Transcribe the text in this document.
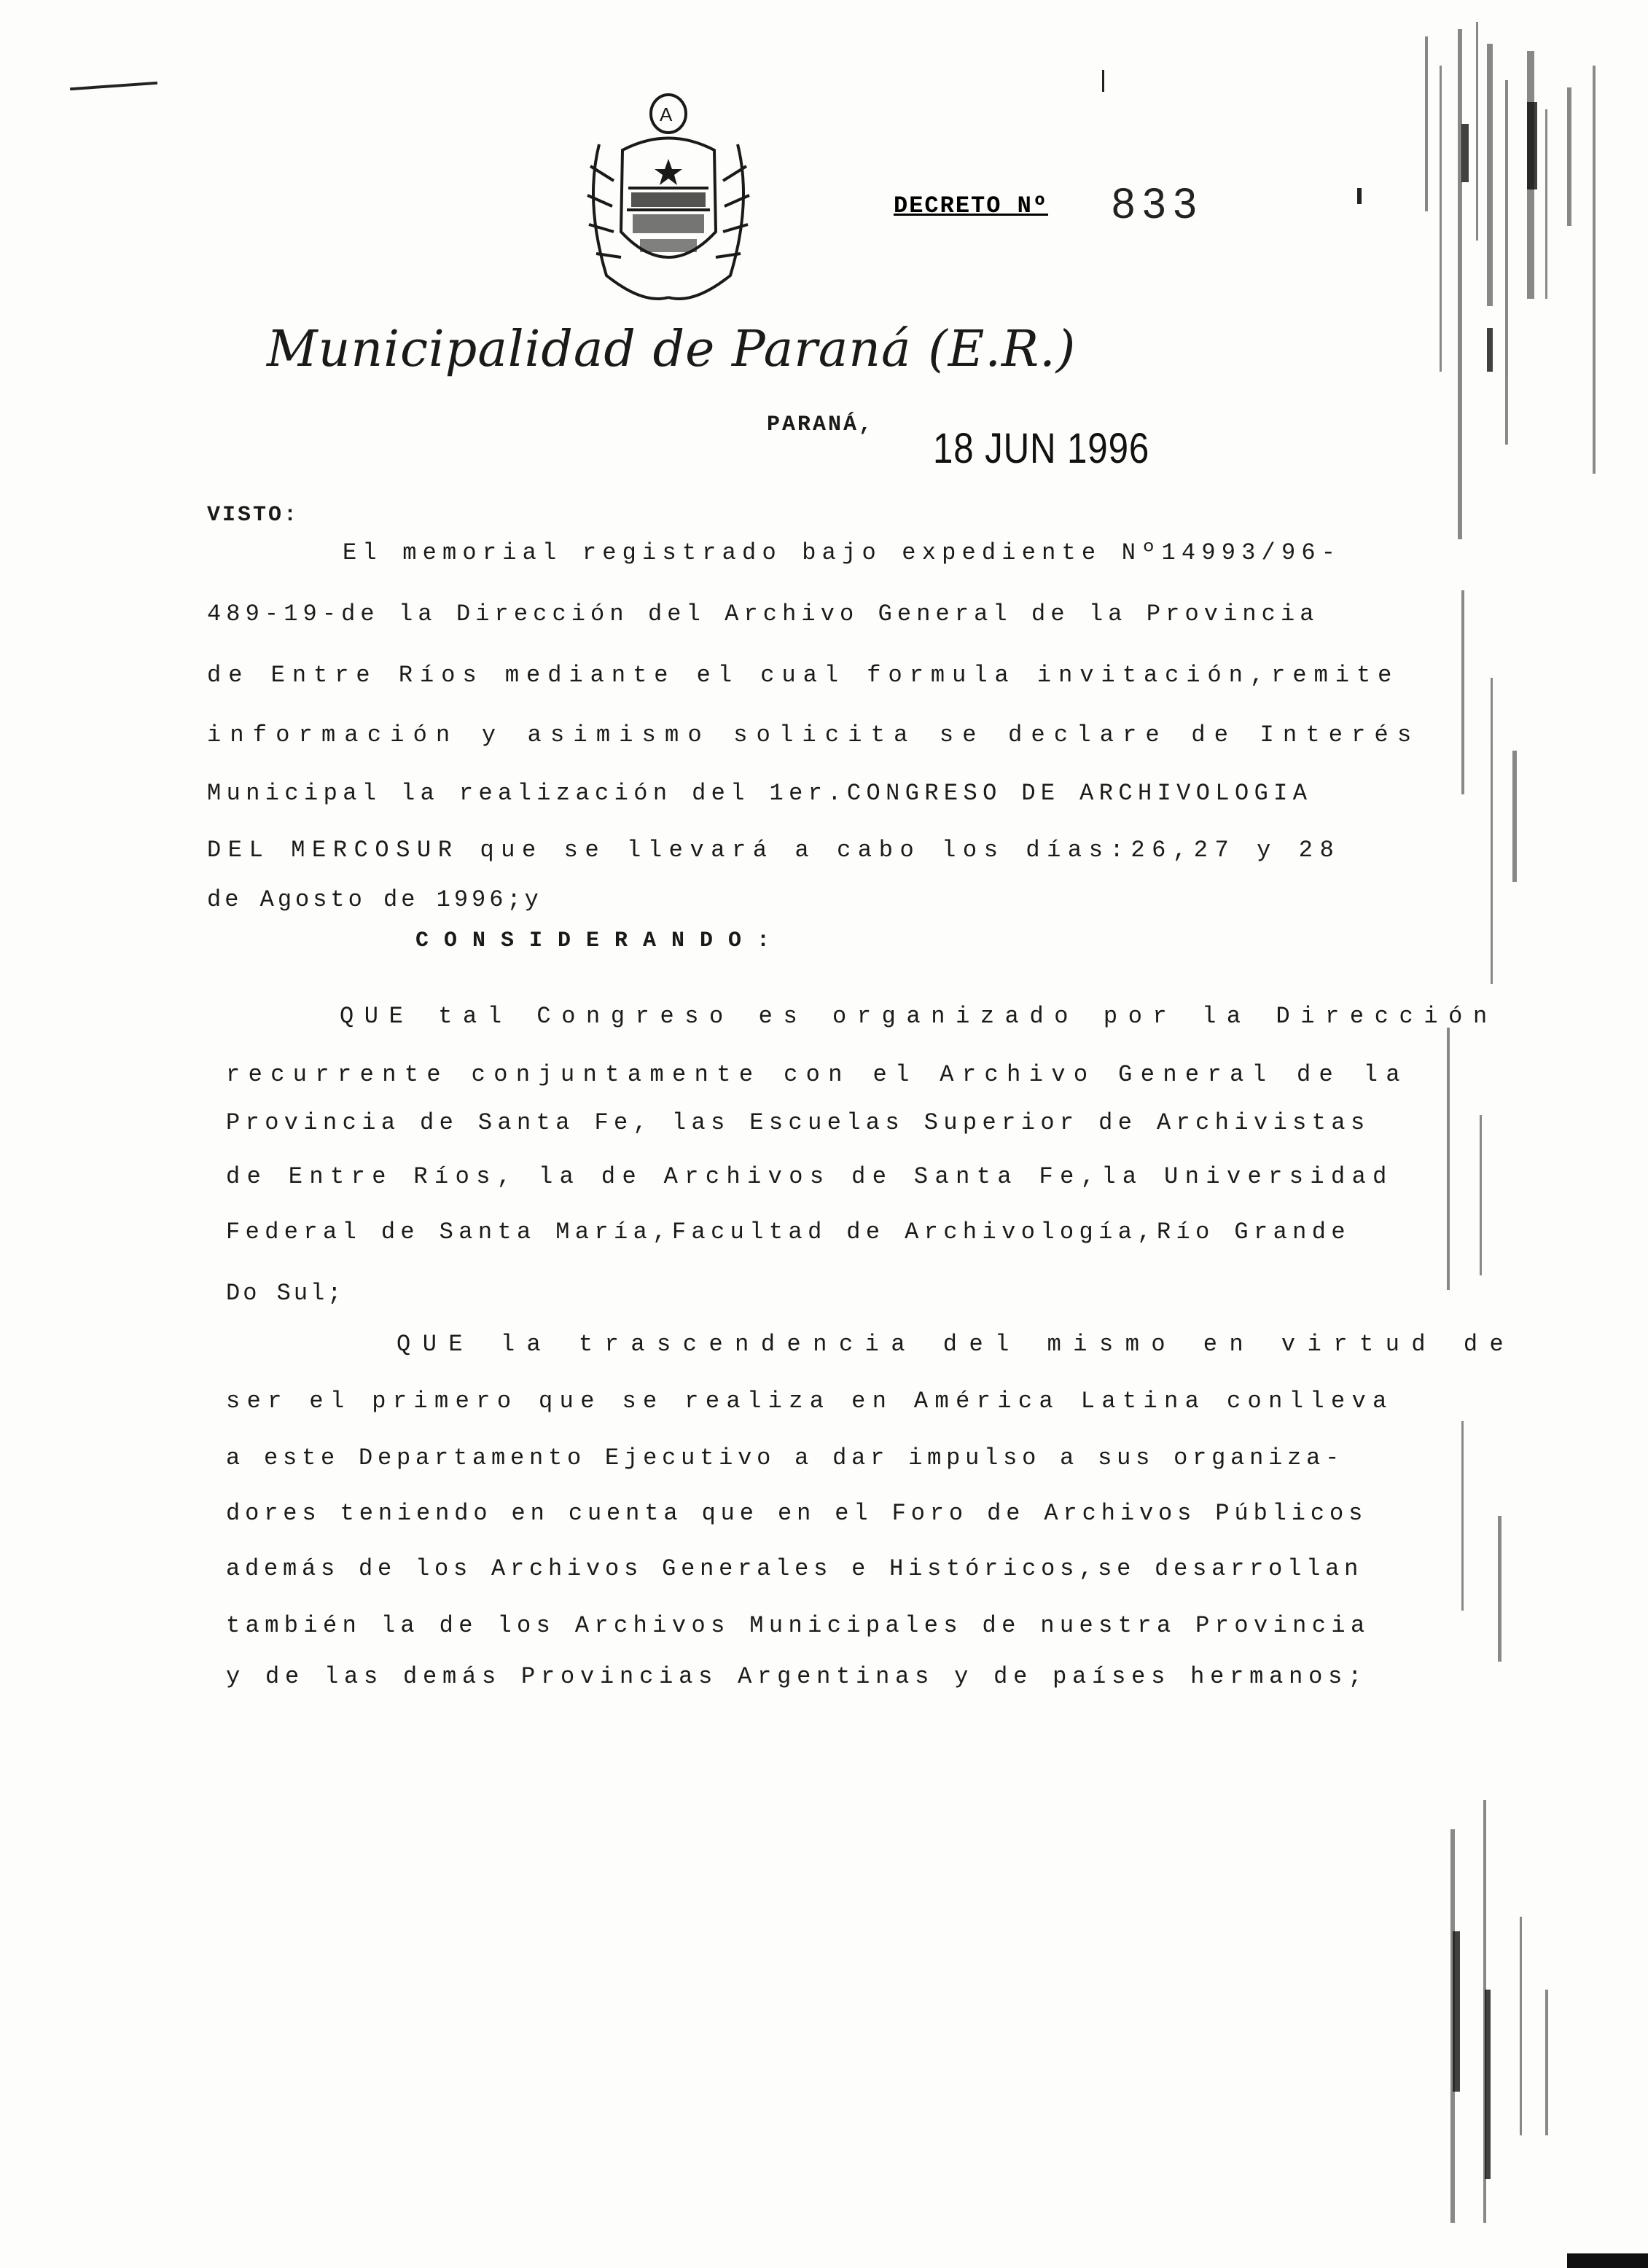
A
DECRETO Nº 833
Municipalidad de Paraná (E.R.)
PARANÁ, 18 JUN 1996
VISTO:
El memorial registrado bajo expediente Nº14993/96-
489-19-de la Dirección del Archivo General de la Provincia
de Entre Ríos mediante el cual formula invitación,remite
información y asimismo solicita se declare de Interés
Municipal la realización del 1er.CONGRESO DE ARCHIVOLOGIA
DEL MERCOSUR que se llevará a cabo los días:26,27 y 28
de Agosto de 1996;y
CONSIDERANDO:
QUE tal Congreso es organizado por la Dirección
recurrente conjuntamente con el Archivo General de la
Provincia de Santa Fe, las Escuelas Superior de Archivistas
de Entre Ríos, la de Archivos de Santa Fe,la Universidad
Federal de Santa María,Facultad de Archivología,Río Grande
Do Sul;
QUE la trascendencia del mismo en virtud de
ser el primero que se realiza en América Latina conlleva
a este Departamento Ejecutivo a dar impulso a sus organiza-
dores teniendo en cuenta que en el Foro de Archivos Públicos
además de los Archivos Generales e Históricos,se desarrollan
también la de los Archivos Municipales de nuestra Provincia
y de las demás Provincias Argentinas y de países hermanos;
